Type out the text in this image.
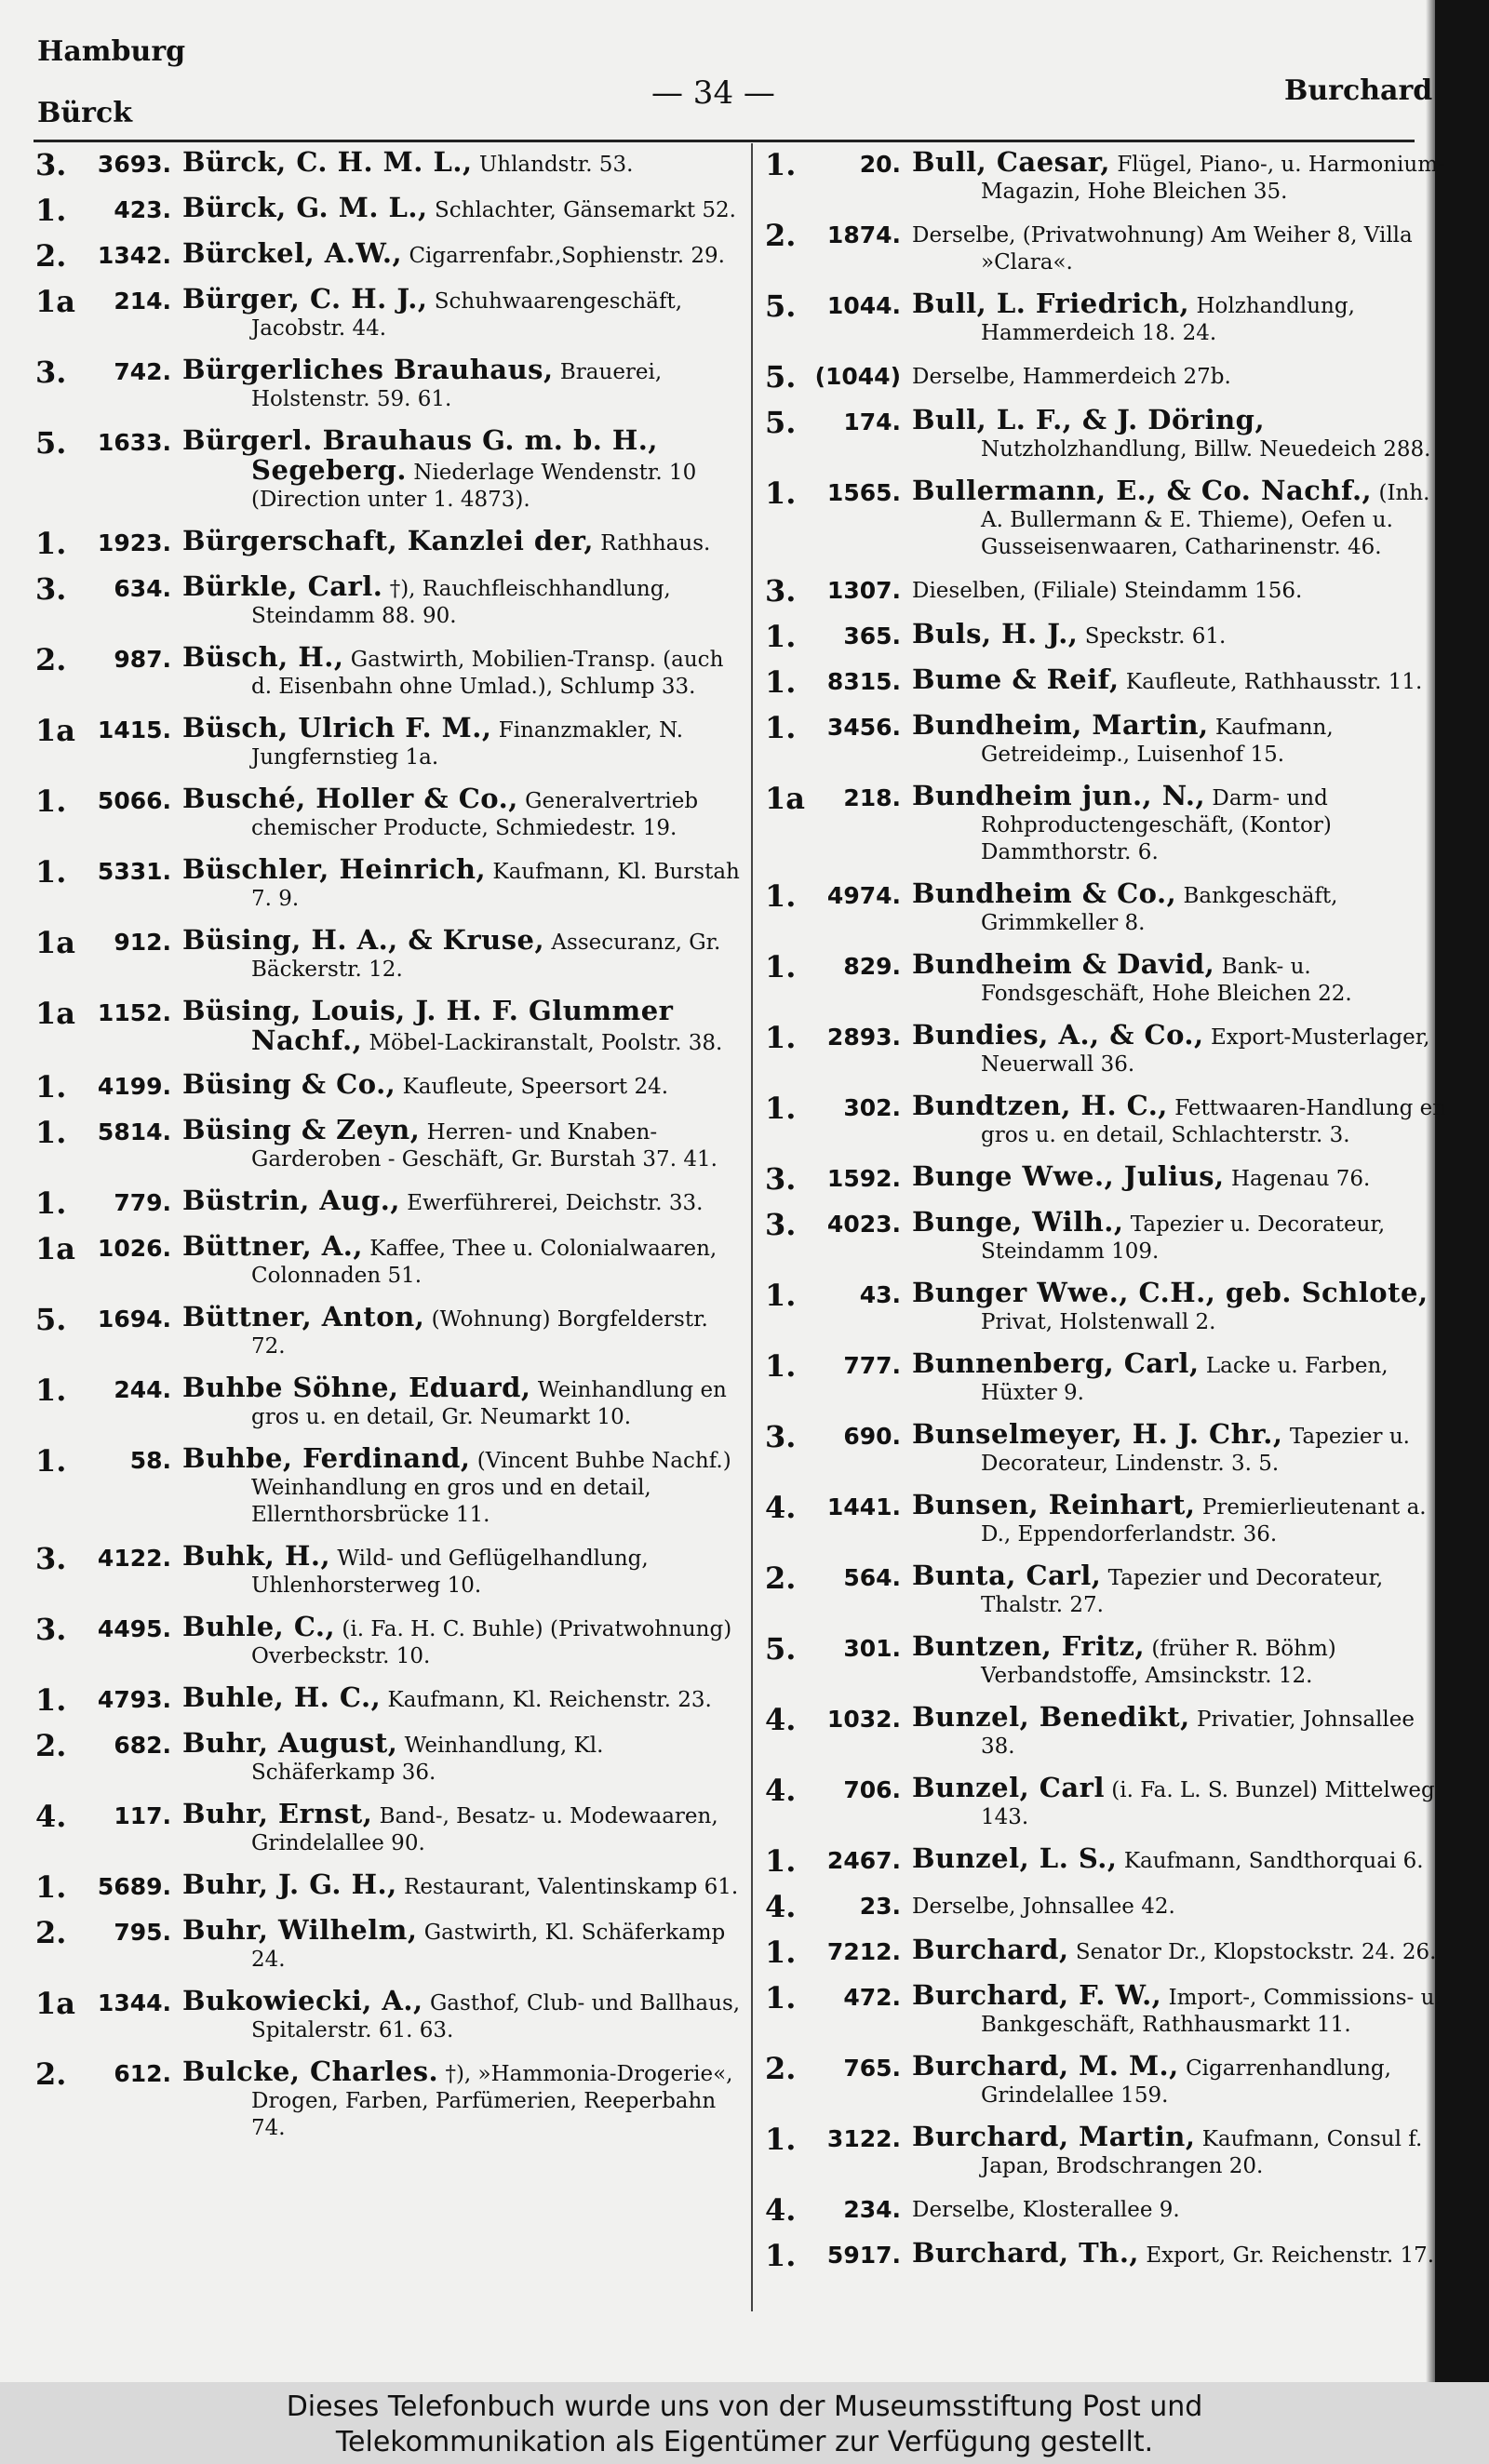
Hamburg
Bürck
— 34 —	Burchard
3.	3693. Bürck, C. H. M. L., Uhlandstr. 53.
1.	423. Bürck, G. M. L., Schlachter, Gänsemarkt 52.
2.	1342. Bürckel, A.W., Cigarrenfabr.,Sophienstr. 29.
1a	214. Bürger, C. H. J., Schuhwaarengeschäft, Jacobstr. 44.
3.	742. Bürgerliches Brauhaus, Brauerei, Holstenstr. 59. 61.
5.	1633. Bürgerl. Brauhaus G. m. b. H., Segeberg. Niederlage Wendenstr. 10 (Direction unter 1. 4873).
1.	1923. Bürgerschaft, Kanzlei der, Rathhaus.
3.	634. Bürkle, Carl. †), Rauchfleischhandlung, Steindamm 88. 90.
2.	987. Büsch, H., Gastwirth, Mobilien-Transp. (auch d. Eisenbahn ohne Umlad.), Schlump 33.
1a 1415. Büsch, Ulrich F. M., Finanzmakler, N. Jungfernstieg 1a.
1.	5066. Busché, Holler & Co., Generalvertrieb chemischer Producte, Schmiedestr. 19.
1.	5331. Büschler, Heinrich, Kaufmann, Kl. Burstah 7. 9.
1a	912. Büsing, H. A., & Kruse, Assecuranz, Gr. Bäckerstr. 12.
1a 1152. Büsing, Louis, J. H. F. Glummer Nachf., Möbel-Lackiranstalt, Poolstr. 38.
1.	4199. Büsing & Co., Kaufleute, Speersort 24.
1.	5814. Büsing & Zeyn, Herren- und Knaben-Garderoben - Geschäft, Gr. Burstah 37. 41.
1.	779. Büstrin, Aug., Ewerführerei, Deichstr. 33.
1a 1026. Büttner, A., Kaffee, Thee u. Colonialwaaren, Colonnaden 51.
5.	1694. Büttner, Anton, (Wohnung) Borgfelderstr. 72.
1.	244. Buhbe Söhne, Eduard, Weinhandlung en gros u. en detail, Gr. Neumarkt 10.
1.	58. Buhbe, Ferdinand, (Vincent Buhbe Nachf.) Weinhandlung en gros und en detail, Ellernthorsbrücke 11.
3.	4122. Buhk, H., Wild- und Geflügelhandlung, Uhlenhorsterweg 10.
3.	4495. Buhle, C., (i. Fa. H. C. Buhle) (Privatwohnung) Overbeckstr. 10.
1.	4793. Buhle, H. C., Kaufmann, Kl. Reichenstr. 23.
2.	682. Buhr, August, Weinhandlung, Kl. Schäferkamp 36.
4.	117. Buhr, Ernst, Band-, Besatz- u. Modewaaren, Grindelallee 90.
1.	5689. Buhr, J. G. H., Restaurant, Valentinskamp 61.
2.	795. Buhr, Wilhelm, Gastwirth, Kl. Schäferkamp 24.
1a 1344. Bukowiecki, A., Gasthof, Club- und Ballhaus, Spitalerstr. 61. 63.
2.	612. Bulcke, Charles. †), »Hammonia-Drogerie«, Drogen, Farben, Parfümerien, Reeperbahn 74.
1.	20. Bull, Caesar, Flügel, Piano-, u. Harmonium-Magazin, Hohe Bleichen 35.
2.	1874. Derselbe, (Privatwohnung) Am Weiher 8, Villa »Clara«.
5.	1044. Bull, L. Friedrich, Holzhandlung, Hammerdeich 18. 24.
5. (1044) Derselbe, Hammerdeich 27b.
5.	174. Bull, L. F., & J. Döring, Nutzholzhandlung, Billw. Neuedeich 288.
1.	1565. Bullermann, E., & Co. Nachf., (Inh. A. Bullermann & E. Thieme), Oefen u. Gusseisenwaaren, Catharinenstr. 46.
3.	1307. Dieselben, (Filiale) Steindamm 156.
1.	365. Buls, H. J., Speckstr. 61.
1.	8315. Bume & Reif, Kaufleute, Rathhausstr. 11.
1.	3456. Bundheim, Martin, Kaufmann, Getreideimp., Luisenhof 15.
1a	218. Bundheim jun., N., Darm- und Rohproductengeschäft, (Kontor) Dammthorstr. 6.
1.	4974. Bundheim & Co., Bankgeschäft, Grimmkeller 8.
1.	829. Bundheim & David, Bank- u. Fondsgeschäft, Hohe Bleichen 22.
1.	2893. Bundies, A., & Co., Export-Musterlager, Neuerwall 36.
1.	302. Bundtzen, H. C., Fettwaaren-Handlung en gros u. en detail, Schlachterstr. 3.
3.	1592. Bunge Wwe., Julius, Hagenau 76.
3.	4023. Bunge, Wilh., Tapezier u. Decorateur, Steindamm 109.
1.	43. Bunger Wwe., C.H., geb. Schlote, Privat, Holstenwall 2.
1.	777. Bunnenberg, Carl, Lacke u. Farben, Hüxter 9.
3.	690. Bunselmeyer, H. J. Chr., Tapezier u. Decorateur, Lindenstr. 3. 5.
4.	1441. Bunsen, Reinhart, Premierlieutenant a. D., Eppendorferlandstr. 36.
2.	564. Bunta, Carl, Tapezier und Decorateur, Thalstr. 27.
5.	301. Buntzen, Fritz, (früher R. Böhm) Verbandstoffe, Amsinckstr. 12.
4.	1032. Bunzel, Benedikt, Privatier, Johnsallee 38.
4.	706. Bunzel, Carl (i. Fa. L. S. Bunzel) Mittelweg 143.
1.	2467. Bunzel, L. S., Kaufmann, Sandthorquai 6.
4.	23. Derselbe, Johnsallee 42.
1.	7212. Burchard, Senator Dr., Klopstockstr. 24. 26.
1.	472. Burchard, F. W., Import-, Commissions- u. Bankgeschäft, Rathhausmarkt 11.
2.	765. Burchard, M. M., Cigarrenhandlung, Grindelallee 159.
1.	3122. Burchard, Martin, Kaufmann, Consul f. Japan, Brodschrangen 20.
4.	234. Derselbe, Klosterallee 9.
1.	5917. Burchard, Th., Export, Gr. Reichenstr. 17.
Dieses Telefonbuch wurde uns von der Museumsstiftung Post und
Telekommunikation als Eigentümer zur Verfügung gestellt.
